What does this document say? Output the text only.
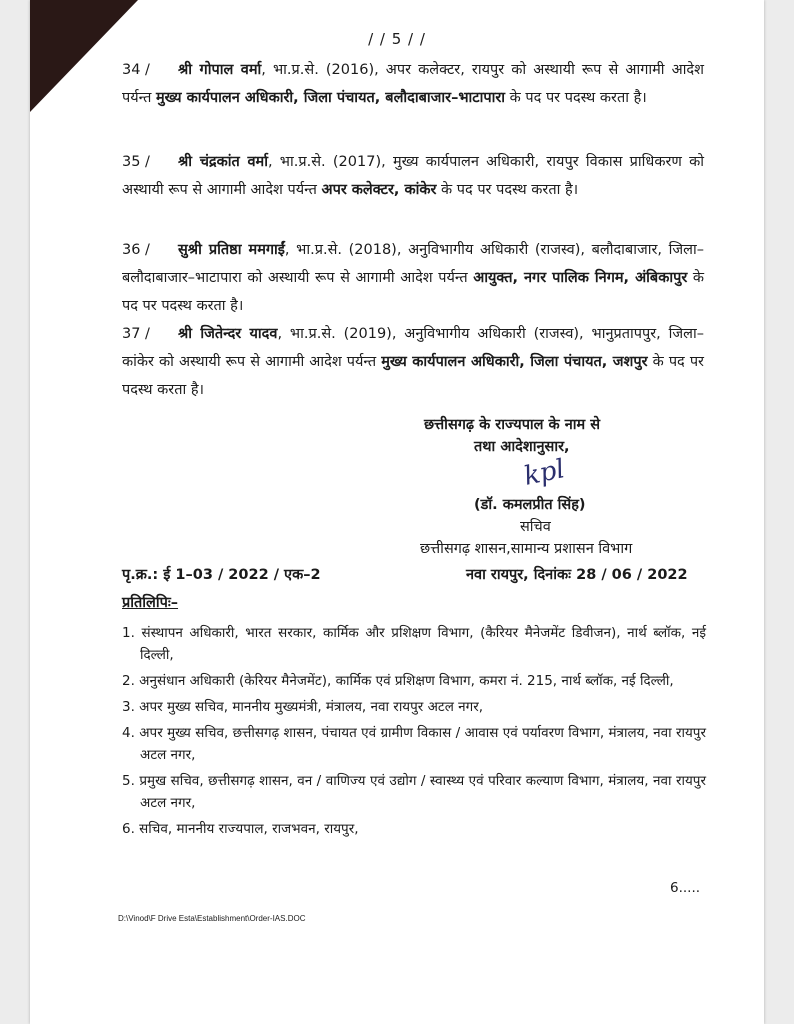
/ / 5 / /
34 / श्री गोपाल वर्मा, भा.प्र.से. (2016), अपर कलेक्टर, रायपुर को अस्थायी रूप से आगामी आदेश पर्यन्त मुख्य कार्यपालन अधिकारी, जिला पंचायत, बलौदाबाजार–भाटापारा के पद पर पदस्थ करता है।
35 / श्री चंद्रकांत वर्मा, भा.प्र.से. (2017), मुख्य कार्यपालन अधिकारी, रायपुर विकास प्राधिकरण को अस्थायी रूप से आगामी आदेश पर्यन्त अपर कलेक्टर, कांकेर के पद पर पदस्थ करता है।
36 / सुश्री प्रतिष्ठा ममगाईं, भा.प्र.से. (2018), अनुविभागीय अधिकारी (राजस्व), बलौदाबाजार, जिला–बलौदाबाजार–भाटापारा को अस्थायी रूप से आगामी आदेश पर्यन्त आयुक्त, नगर पालिक निगम, अंबिकापुर के पद पर पदस्थ करता है।
37 / श्री जितेन्दर यादव, भा.प्र.से. (2019), अनुविभागीय अधिकारी (राजस्व), भानुप्रतापपुर, जिला–कांकेर को अस्थायी रूप से आगामी आदेश पर्यन्त मुख्य कार्यपालन अधिकारी, जिला पंचायत, जशपुर के पद पर पदस्थ करता है।
छत्तीसगढ़ के राज्यपाल के नाम से
तथा आदेशानुसार,
kpl
(डॉ. कमलप्रीत सिंह)
सचिव
छत्तीसगढ़ शासन,सामान्य प्रशासन विभाग
पृ.क्र.: ई 1–03 / 2022 / एक–2	नवा रायपुर, दिनांकः 28 / 06 / 2022
प्रतिलिपिः–
1. संस्थापन अधिकारी, भारत सरकार, कार्मिक और प्रशिक्षण विभाग, (कैरियर मैनेजमेंट डिवीजन), नार्थ ब्लॉक, नई दिल्ली,
2. अनुसंधान अधिकारी (केरियर मैनेजमेंट), कार्मिक एवं प्रशिक्षण विभाग, कमरा नं. 215, नार्थ ब्लॉक, नई दिल्ली,
3. अपर मुख्य सचिव, माननीय मुख्यमंत्री, मंत्रालय, नवा रायपुर अटल नगर,
4. अपर मुख्य सचिव, छत्तीसगढ़ शासन, पंचायत एवं ग्रामीण विकास / आवास एवं पर्यावरण विभाग, मंत्रालय, नवा रायपुर अटल नगर,
5. प्रमुख सचिव, छत्तीसगढ़ शासन, वन / वाणिज्य एवं उद्योग / स्वास्थ्य एवं परिवार कल्याण विभाग, मंत्रालय, नवा रायपुर अटल नगर,
6. सचिव, माननीय राज्यपाल, राजभवन, रायपुर,
6.....
D:\Vinod\F Drive Esta\Establishment\Order-IAS.DOC
